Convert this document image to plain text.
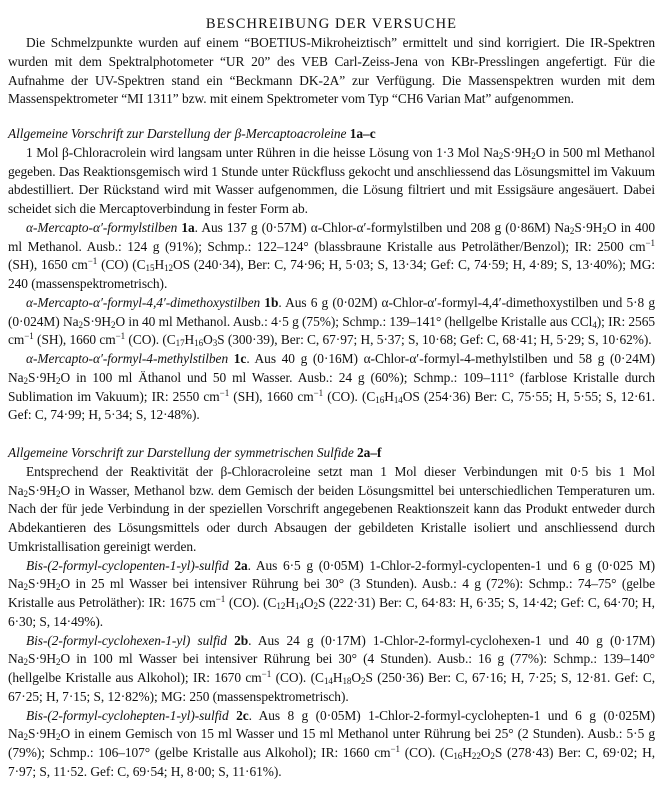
BESCHREIBUNG DER VERSUCHE

Die Schmelzpunkte wurden auf einem “BOETIUS-Mikroheiztisch” ermittelt und sind korrigiert. Die IR-Spektren wurden mit dem Spektralphotometer “UR 20” des VEB Carl-Zeiss-Jena von KBr-Presslingen angefertigt. Für die Aufnahme der UV-Spektren stand ein “Beckmann DK-2A” zur Verfügung. Die Massenspektren wurden mit dem Massenspektrometer “MI 1311” bzw. mit einem Spektrometer vom Typ “CH6 Varian Mat” aufgenommen.

Allgemeine Vorschrift zur Darstellung der β-Mercaptoacroleine 1a–c

1 Mol β-Chloracrolein wird langsam unter Rühren in die heisse Lösung von 1·3 Mol $Na_2S\cdot 9H_2O$ in 500 ml Methanol gegeben. Das Reaktionsgemisch wird 1 Stunde unter Rückfluss gekocht und anschliessend das Lösungsmittel im Vakuum abdestilliert. Der Rückstand wird mit Wasser aufgenommen, die Lösung filtriert und mit Essigsäure angesäuert. Dabei scheidet sich die Mercaptoverbindung in fester Form ab.

α-Mercapto-α′-formylstilben 1a. Aus 137 g (0·57M) α-Chlor-α′-formylstilben und 208 g (0·86M) $Na_2S\cdot 9H_2O$ in 400 ml Methanol. Ausb.: 124 g (91%); Schmp.: 122–124° (blassbraune Kristalle aus Petroläther/Benzol); IR: 2500 $cm^{-1}$ (SH), 1650 $cm^{-1}$ (CO) ($C_{15}H_{12}OS$ (240·34), Ber: C, 74·96; H, 5·03; S, 13·34; Gef: C, 74·59; H, 4·89; S, 13·40%); MG: 240 (massenspektrometrisch).

α-Mercapto-α′-formyl-4,4′-dimethoxystilben 1b. Aus 6 g (0·02M) α-Chlor-α′-formyl-4,4′-dimethoxystilben und 5·8 g (0·024M) $Na_2S\cdot 9H_2O$ in 40 ml Methanol. Ausb.: 4·5 g (75%); Schmp.: 139–141° (hellgelbe Kristalle aus CCl$_4$); IR: 2565 $cm^{-1}$ (SH), 1660 $cm^{-1}$ (CO). ($C_{17}H_{16}O_3S$ (300·39), Ber: C, 67·97; H, 5·37; S, 10·68; Gef: C, 68·41; H, 5·29; S, 10·62%).

α-Mercapto-α′-formyl-4-methylstilben 1c. Aus 40 g (0·16M) α-Chlor-α′-formyl-4-methylstilben und 58 g (0·24M) $Na_2S\cdot 9H_2O$ in 100 ml Äthanol und 50 ml Wasser. Ausb.: 24 g (60%); Schmp.: 109–111° (farblose Kristalle durch Sublimation im Vakuum); IR: 2550 $cm^{-1}$ (SH), 1660 $cm^{-1}$ (CO). ($C_{16}H_{14}OS$ (254·36) Ber: C, 75·55; H, 5·55; S, 12·61. Gef: C, 74·99; H, 5·34; S, 12·48%).

Allgemeine Vorschrift zur Darstellung der symmetrischen Sulfide 2a–f

Entsprechend der Reaktivität der β-Chloracroleine setzt man 1 Mol dieser Verbindungen mit 0·5 bis 1 Mol $Na_2S\cdot 9H_2O$ in Wasser, Methanol bzw. dem Gemisch der beiden Lösungsmittel bei unterschiedlichen Temperaturen um. Nach der für jede Verbindung in der speziellen Vorschrift angegebenen Reaktionszeit kann das Produkt entweder durch Abdekantieren des Lösungsmittels oder durch Absaugen der gebildeten Kristalle isoliert und anschliessend durch Umkristallisation gereinigt werden.

Bis-(2-formyl-cyclopenten-1-yl)-sulfid 2a. Aus 6·5 g (0·05M) 1-Chlor-2-formyl-cyclopenten-1 und 6 g (0·025 M) $Na_2S\cdot 9H_2O$ in 25 ml Wasser bei intensiver Rührung bei 30° (3 Stunden). Ausb.: 4 g (72%): Schmp.: 74–75° (gelbe Kristalle aus Petroläther): IR: 1675 $cm^{-1}$ (CO). ($C_{12}H_{14}O_2S$ (222·31) Ber: C, 64·83: H, 6·35; S, 14·42; Gef: C, 64·70; H, 6·30; S, 14·49%).

Bis-(2-formyl-cyclohexen-1-yl) sulfid 2b. Aus 24 g (0·17M) 1-Chlor-2-formyl-cyclohexen-1 und 40 g (0·17M) $Na_2S\cdot 9H_2O$ in 100 ml Wasser bei intensiver Rührung bei 30° (4 Stunden). Ausb.: 16 g (77%): Schmp.: 139–140° (hellgelbe Kristalle aus Alkohol); IR: 1670 $cm^{-1}$ (CO). ($C_{14}H_{18}O_2S$ (250·36) Ber: C, 67·16; H, 7·25; S, 12·81. Gef: C, 67·25; H, 7·15; S, 12·82%); MG: 250 (massenspektrometrisch).

Bis-(2-formyl-cyclohepten-1-yl)-sulfid 2c. Aus 8 g (0·05M) 1-Chlor-2-formyl-cyclohepten-1 und 6 g (0·025M) $Na_2S\cdot 9H_2O$ in einem Gemisch von 15 ml Wasser und 15 ml Methanol unter Rührung bei 25° (2 Stunden). Ausb.: 5·5 g (79%); Schmp.: 106–107° (gelbe Kristalle aus Alkohol); IR: 1660 $cm^{-1}$ (CO). ($C_{16}H_{22}O_2S$ (278·43) Ber: C, 69·02; H, 7·97; S, 11·52. Gef: C, 69·54; H, 8·00; S, 11·61%).
